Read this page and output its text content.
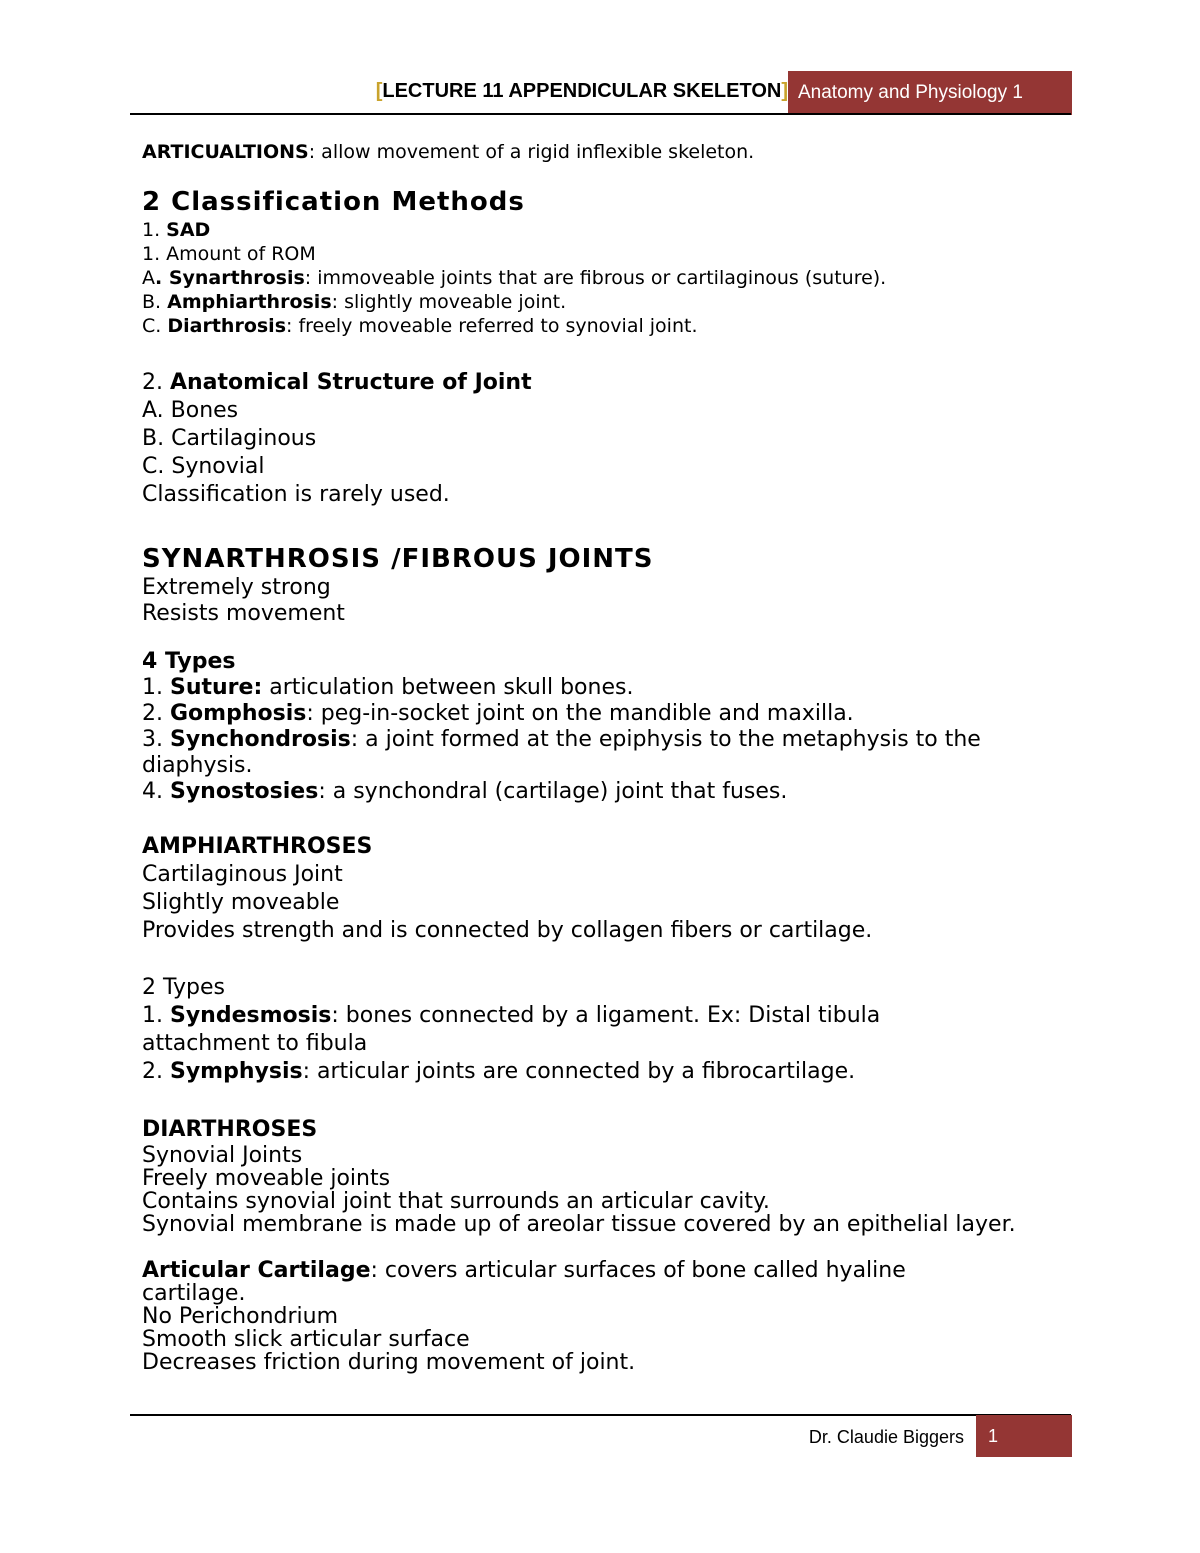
[LECTURE 11 APPENDICULAR SKELETON] Anatomy and Physiology 1

ARTICUALTIONS: allow movement of a rigid inflexible skeleton.

2 Classification Methods

1. SAD

1. Amount of ROM

A. Synarthrosis: immoveable joints that are fibrous or cartilaginous (suture).

B. Amphiarthrosis: slightly moveable joint.

C. Diarthrosis: freely moveable referred to synovial joint.

2. Anatomical Structure of Joint

A. Bones

B. Cartilaginous

C. Synovial

Classification is rarely used.

SYNARTHROSIS /FIBROUS JOINTS

Extremely strong

Resists movement

4 Types

1. Suture: articulation between skull bones.

2. Gomphosis: peg-in-socket joint on the mandible and maxilla.

3. Synchondrosis: a joint formed at the epiphysis to the metaphysis to the diaphysis.

4. Synostosies: a synchondral (cartilage) joint that fuses.

AMPHIARTHROSES

Cartilaginous Joint

Slightly moveable

Provides strength and is connected by collagen fibers or cartilage.

2 Types

1. Syndesmosis: bones connected by a ligament. Ex: Distal tibula attachment to fibula

2. Symphysis: articular joints are connected by a fibrocartilage.

DIARTHROSES

Synovial Joints

Freely moveable joints

Contains synovial joint that surrounds an articular cavity.

Synovial membrane is made up of areolar tissue covered by an epithelial layer.

Articular Cartilage: covers articular surfaces of bone called hyaline cartilage.

No Perichondrium

Smooth slick articular surface

Decreases friction during movement of joint.

Dr. Claudie Biggers	1
